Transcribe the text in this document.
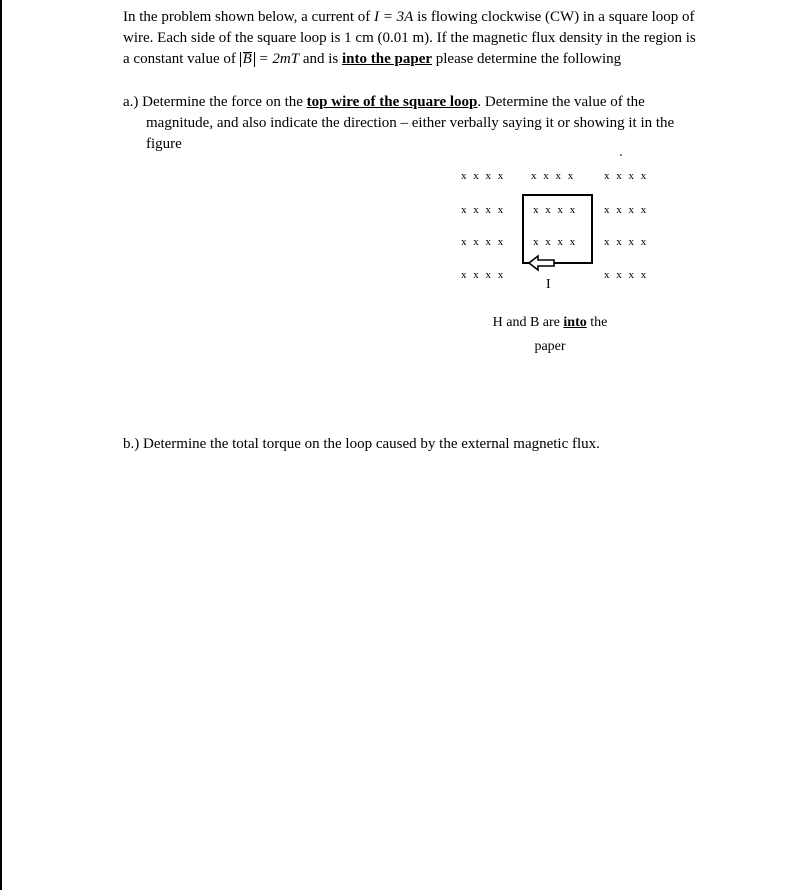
In the problem shown below, a current of I = 3A is flowing clockwise (CW) in a square loop of
wire. Each side of the square loop is 1 cm (0.01 m). If the magnetic flux density in the region is
a constant value of
B = 2mT and is into the paper please determine the following
a.) Determine the force on the top wire of the square loop. Determine the value of the
magnitude, and also indicate the direction – either verbally saying it or showing it in the
figure
x x x x x x x x	x x x x
x x x x	x x x x x x x x
x x x x	x x x x x x x x
x x x x	x x x x
I
H and B are into the
paper
b.) Determine the total torque on the loop caused by the external magnetic flux.
